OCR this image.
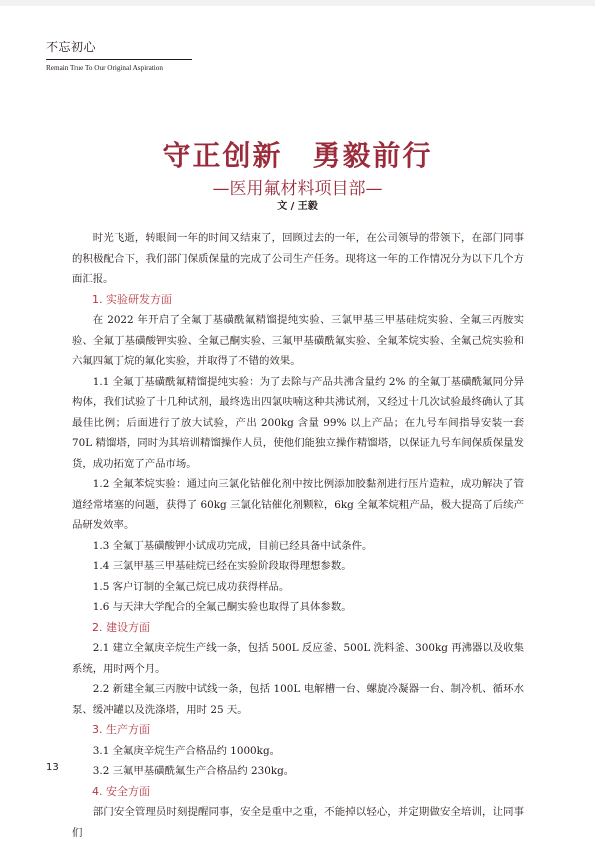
不忘初心
Remain True To Our Original Aspiration
守正创新　勇毅前行
—医用氟材料项目部—
文 / 王毅

时光飞逝，转眼间一年的时间又结束了，回顾过去的一年，在公司领导的带领下，在部门同事的积极配合下，我们部门保质保量的完成了公司生产任务。现将这一年的工作情况分为以下几个方面汇报。

1. 实验研发方面

在 2022 年开启了全氟丁基磺酰氟精馏提纯实验、三氯甲基三甲基硅烷实验、全氟三丙胺实验、全氟丁基磺酸钾实验、全氟己酮实验、三氟甲基磺酰氟实验、全氟苯烷实验、全氟己烷实验和六氟四氟丁烷的氟化实验，并取得了不错的效果。

1.1 全氟丁基磺酰氟精馏提纯实验：为了去除与产品共沸含量约 2% 的全氟丁基磺酰氟同分异构体，我们试验了十几种试剂，最终选出四氯呋喃这种共沸试剂，又经过十几次试验最终确认了其最佳比例；后面进行了放大试验，产出 200kg 含量 99% 以上产品；在九号车间指导安装一套 70L 精馏塔，同时为其培训精馏操作人员，使他们能独立操作精馏塔，以保证九号车间保质保量发货，成功拓宽了产品市场。

1.2 全氟苯烷实验：通过向三氯化钴催化剂中按比例添加胶黏剂进行压片造粒，成功解决了管道经常堵塞的问题，获得了 60kg 三氯化钴催化剂颗粒，6kg 全氟苯烷粗产品，极大提高了后续产品研发效率。

1.3 全氟丁基磺酸钾小试成功完成，目前已经具备中试条件。

1.4 三氯甲基三甲基硅烷已经在实验阶段取得理想参数。

1.5 客户订制的全氟己烷已成功获得样品。

1.6 与天津大学配合的全氟己酮实验也取得了具体参数。

2. 建设方面

2.1 建立全氟庚辛烷生产线一条，包括 500L 反应釜、500L 洗料釜、300kg 再沸器以及收集系统，用时两个月。

2.2 新建全氟三丙胺中试线一条，包括 100L 电解槽一台、螺旋冷凝器一台、制冷机、循环水泵、缓冲罐以及洗涤塔，用时 25 天。

3. 生产方面

3.1 全氟庚辛烷生产合格品约 1000kg。

3.2 三氟甲基磺酰氟生产合格品约 230kg。

4. 安全方面

部门安全管理员时刻提醒同事，安全是重中之重，不能掉以轻心，并定期做安全培训，让同事们

13
